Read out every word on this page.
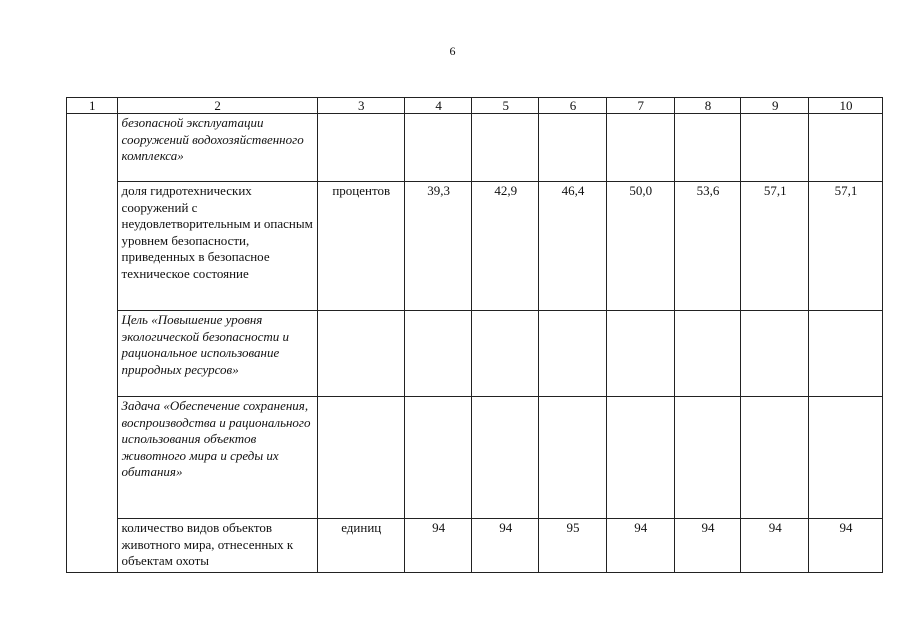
6
1	2	3	4	5	6	7	8	9	10
	безопасной эксплуатации сооружений водохозяйственного комплекса»								
	доля гидротехнических сооружений с неудовлетворительным и опасным уровнем безопасности, приведенных в безопасное техническое состояние	процентов	39,3	42,9	46,4	50,0	53,6	57,1	57,1
	Цель «Повышение уровня экологической безопасности и рациональное использование природных ресурсов»								
	Задача «Обеспечение сохранения, воспроизводства и рационального использования объектов животного мира и среды их обитания»								
	количество видов объектов животного мира, отнесенных к объектам охоты	единиц	94	94	95	94	94	94	94
